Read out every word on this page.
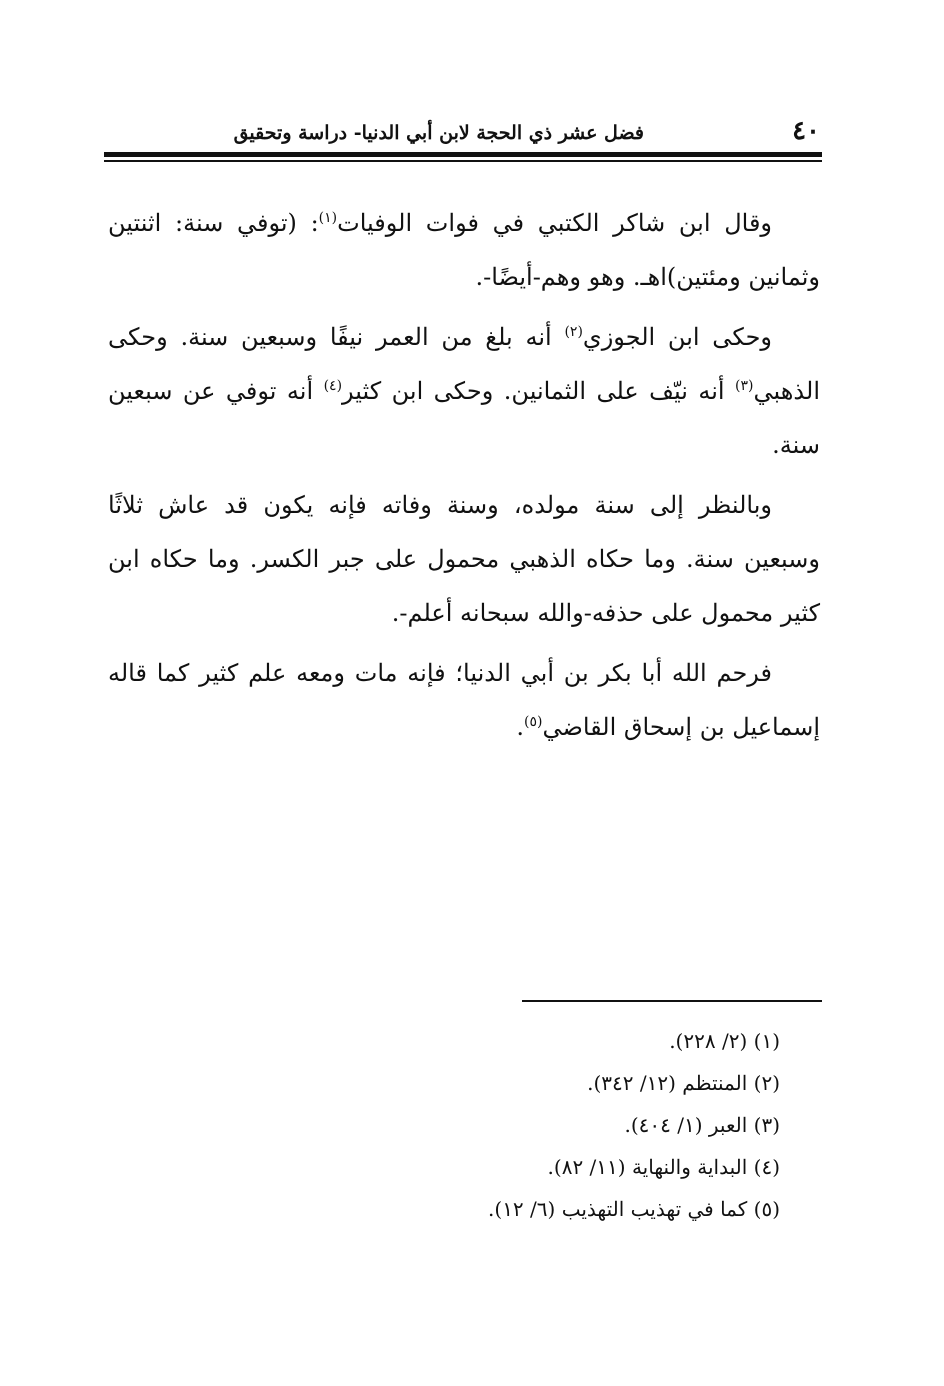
٤٠
فضل عشر ذي الحجة لابن أبي الدنيا- دراسة وتحقيق

وقال ابن شاكر الكتبي في فوات الوفيات$^{(١)}$: (توفي سنة: اثنتين وثمانين ومئتين)اهـ. وهو وهم-أيضًا-.

وحكى ابن الجوزي$^{(٢)}$ أنه بلغ من العمر نيفًا وسبعين سنة. وحكى الذهبي$^{(٣)}$ أنه نيّف على الثمانين. وحكى ابن كثير$^{(٤)}$ أنه توفي عن سبعين سنة.

وبالنظر إلى سنة مولده، وسنة وفاته فإنه يكون قد عاش ثلاثًا وسبعين سنة. وما حكاه الذهبي محمول على جبر الكسر. وما حكاه ابن كثير محمول على حذفه-والله سبحانه أعلم-.

فرحم الله أبا بكر بن أبي الدنيا؛ فإنه مات ومعه علم كثير كما قاله إسماعيل بن إسحاق القاضي$^{(٥)}$.

(١) (٢/ ٢٢٨).
(٢) المنتظم (١٢/ ٣٤٢).
(٣) العبر (١/ ٤٠٤).
(٤) البداية والنهاية (١١/ ٨٢).
(٥) كما في تهذيب التهذيب (٦/ ١٢).
